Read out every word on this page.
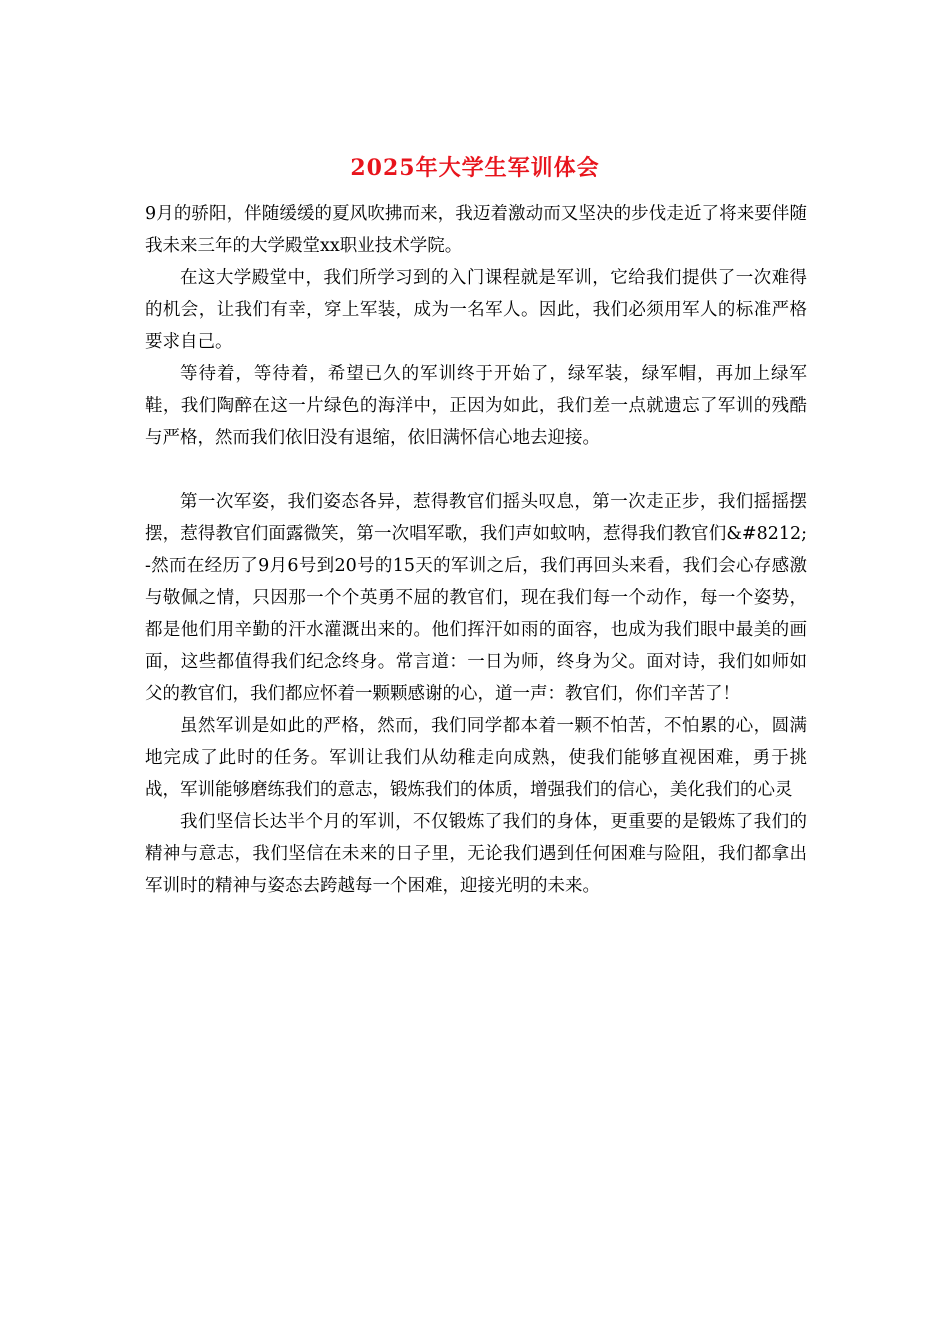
2025年大学生军训体会

9月的骄阳，伴随缓缓的夏风吹拂而来，我迈着激动而又坚决的步伐走近了将来要伴随我未来三年的大学殿堂xx职业技术学院。

在这大学殿堂中，我们所学习到的入门课程就是军训，它给我们提供了一次难得的机会，让我们有幸，穿上军装，成为一名军人。因此，我们必须用军人的标准严格要求自己。

等待着，等待着，希望已久的军训终于开始了，绿军装，绿军帽，再加上绿军鞋，我们陶醉在这一片绿色的海洋中，正因为如此，我们差一点就遗忘了军训的残酷与严格，然而我们依旧没有退缩，依旧满怀信心地去迎接。

第一次军姿，我们姿态各异，惹得教官们摇头叹息，第一次走正步，我们摇摇摆摆，惹得教官们面露微笑，第一次唱军歌，我们声如蚊呐，惹得我们教官们&#8212;-然而在经历了9月6号到20号的15天的军训之后，我们再回头来看，我们会心存感激与敬佩之情，只因那一个个英勇不屈的教官们，现在我们每一个动作，每一个姿势，都是他们用辛勤的汗水灌溉出来的。他们挥汗如雨的面容，也成为我们眼中最美的画面，这些都值得我们纪念终身。常言道：一日为师，终身为父。面对诗，我们如师如父的教官们，我们都应怀着一颗颗感谢的心，道一声：教官们，你们辛苦了！

虽然军训是如此的严格，然而，我们同学都本着一颗不怕苦，不怕累的心，圆满地完成了此时的任务。军训让我们从幼稚走向成熟，使我们能够直视困难，勇于挑战，军训能够磨练我们的意志，锻炼我们的体质，增强我们的信心，美化我们的心灵

我们坚信长达半个月的军训，不仅锻炼了我们的身体，更重要的是锻炼了我们的精神与意志，我们坚信在未来的日子里，无论我们遇到任何困难与险阻，我们都拿出军训时的精神与姿态去跨越每一个困难，迎接光明的未来。
